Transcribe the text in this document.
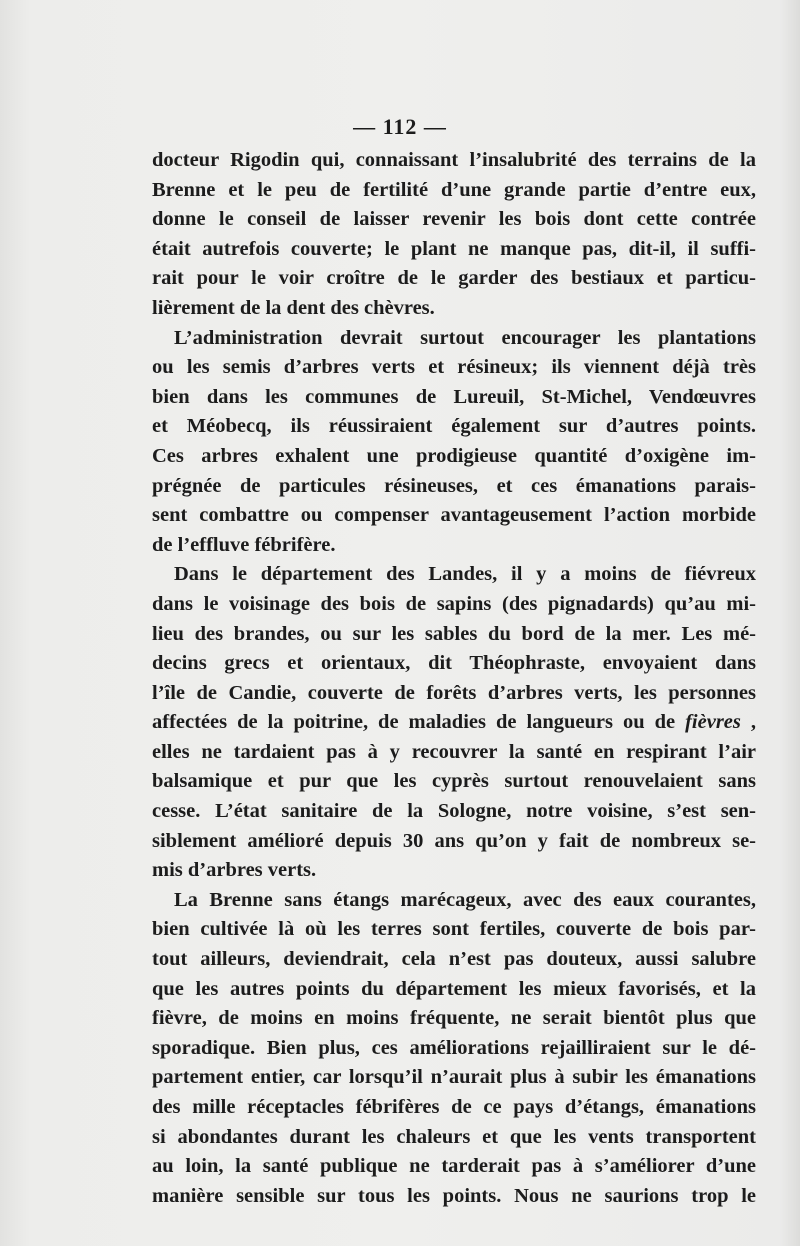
— 112 —
docteur Rigodin qui, connaissant l’insalubrité des terrains de la
Brenne et le peu de fertilité d’une grande partie d’entre eux,
donne le conseil de laisser revenir les bois dont cette contrée
était autrefois couverte; le plant ne manque pas, dit-il, il suffi-
rait pour le voir croître de le garder des bestiaux et particu-
lièrement de la dent des chèvres.
L’administration devrait surtout encourager les plantations
ou les semis d’arbres verts et résineux; ils viennent déjà très
bien dans les communes de Lureuil, St-Michel, Vendœuvres
et Méobecq, ils réussiraient également sur d’autres points.
Ces arbres exhalent une prodigieuse quantité d’oxigène im-
prégnée de particules résineuses, et ces émanations parais-
sent combattre ou compenser avantageusement l’action morbide
de l’effluve fébrifère.
Dans le département des Landes, il y a moins de fiévreux
dans le voisinage des bois de sapins (des pignadards) qu’au mi-
lieu des brandes, ou sur les sables du bord de la mer. Les mé-
decins grecs et orientaux, dit Théophraste, envoyaient dans
l’île de Candie, couverte de forêts d’arbres verts, les personnes
affectées de la poitrine, de maladies de langueurs ou de fièvres ,
elles ne tardaient pas à y recouvrer la santé en respirant l’air
balsamique et pur que les cyprès surtout renouvelaient sans
cesse. L’état sanitaire de la Sologne, notre voisine, s’est sen-
siblement amélioré depuis 30 ans qu’on y fait de nombreux se-
mis d’arbres verts.
La Brenne sans étangs marécageux, avec des eaux courantes,
bien cultivée là où les terres sont fertiles, couverte de bois par-
tout ailleurs, deviendrait, cela n’est pas douteux, aussi salubre
que les autres points du département les mieux favorisés, et la
fièvre, de moins en moins fréquente, ne serait bientôt plus que
sporadique. Bien plus, ces améliorations rejailliraient sur le dé-
partement entier, car lorsqu’il n’aurait plus à subir les émanations
des mille réceptacles fébrifères de ce pays d’étangs, émanations
si abondantes durant les chaleurs et que les vents transportent
au loin, la santé publique ne tarderait pas à s’améliorer d’une
manière sensible sur tous les points. Nous ne saurions trop le
